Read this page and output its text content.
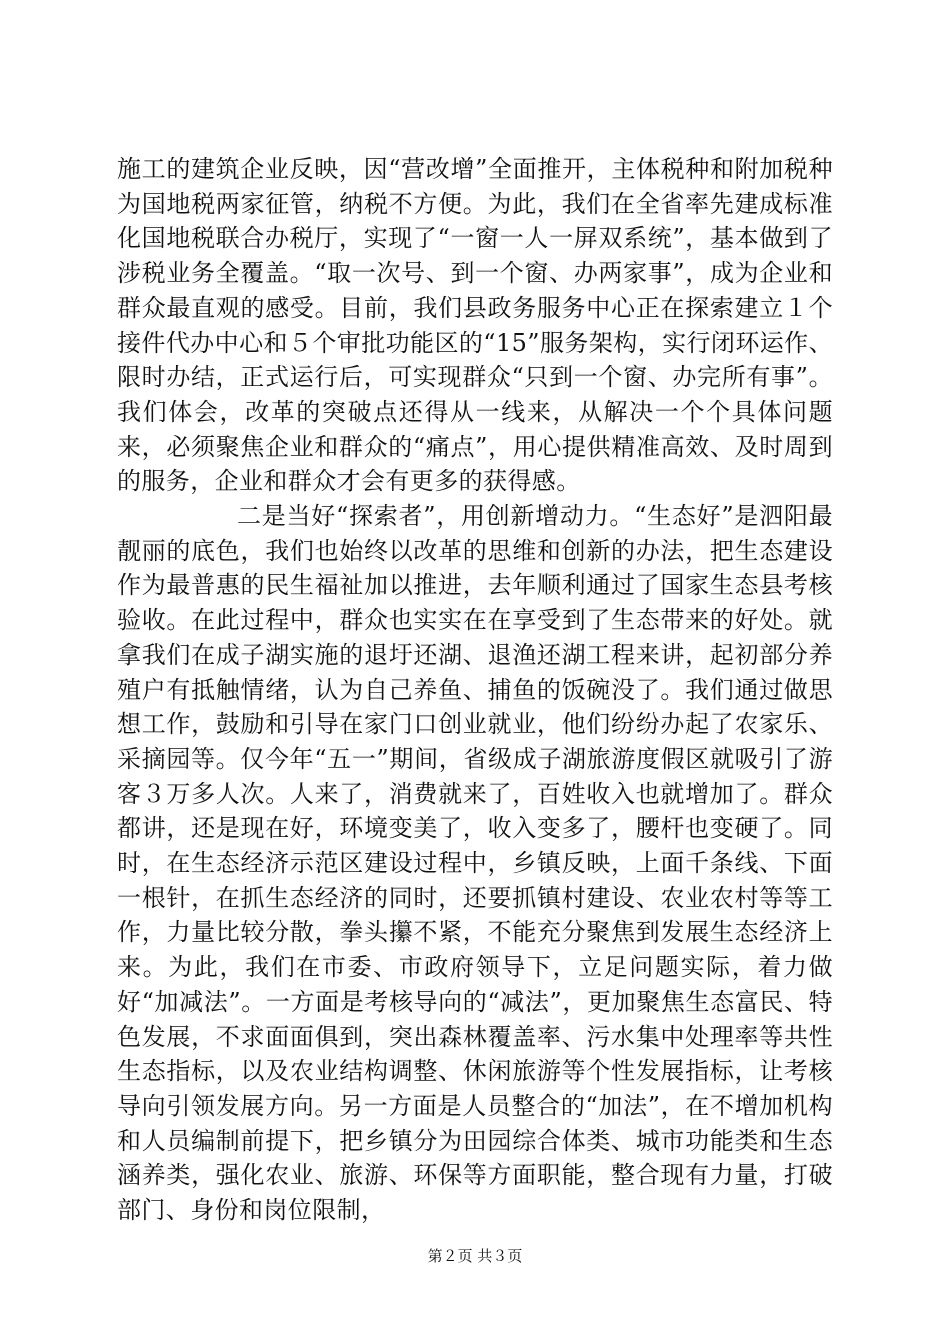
施工的建筑企业反映，因“营改增”全面推开，主体税种和附加税种为国地税两家征管，纳税不方便。为此，我们在全省率先建成标准化国地税联合办税厅，实现了“一窗一人一屏双系统”，基本做到了涉税业务全覆盖。“取一次号、到一个窗、办两家事”，成为企业和群众最直观的感受。目前，我们县政务服务中心正在探索建立１个接件代办中心和５个审批功能区的“15”服务架构，实行闭环运作、限时办结，正式运行后，可实现群众“只到一个窗、办完所有事”。我们体会，改革的突破点还得从一线来，从解决一个个具体问题来，必须聚焦企业和群众的“痛点”，用心提供精准高效、及时周到的服务，企业和群众才会有更多的获得感。

二是当好“探索者”，用创新增动力。“生态好”是泗阳最靓丽的底色，我们也始终以改革的思维和创新的办法，把生态建设作为最普惠的民生福祉加以推进，去年顺利通过了国家生态县考核验收。在此过程中，群众也实实在在享受到了生态带来的好处。就拿我们在成子湖实施的退圩还湖、退渔还湖工程来讲，起初部分养殖户有抵触情绪，认为自己养鱼、捕鱼的饭碗没了。我们通过做思想工作，鼓励和引导在家门口创业就业，他们纷纷办起了农家乐、采摘园等。仅今年“五一”期间，省级成子湖旅游度假区就吸引了游客３万多人次。人来了，消费就来了，百姓收入也就增加了。群众都讲，还是现在好，环境变美了，收入变多了，腰杆也变硬了。同时，在生态经济示范区建设过程中，乡镇反映，上面千条线、下面一根针，在抓生态经济的同时，还要抓镇村建设、农业农村等等工作，力量比较分散，拳头攥不紧，不能充分聚焦到发展生态经济上来。为此，我们在市委、市政府领导下，立足问题实际，着力做好“加减法”。一方面是考核导向的“减法”，更加聚焦生态富民、特色发展，不求面面俱到，突出森林覆盖率、污水集中处理率等共性生态指标，以及农业结构调整、休闲旅游等个性发展指标，让考核导向引领发展方向。另一方面是人员整合的“加法”，在不增加机构和人员编制前提下，把乡镇分为田园综合体类、城市功能类和生态涵养类，强化农业、旅游、环保等方面职能，整合现有力量，打破部门、身份和岗位限制，

第２页 共３页
